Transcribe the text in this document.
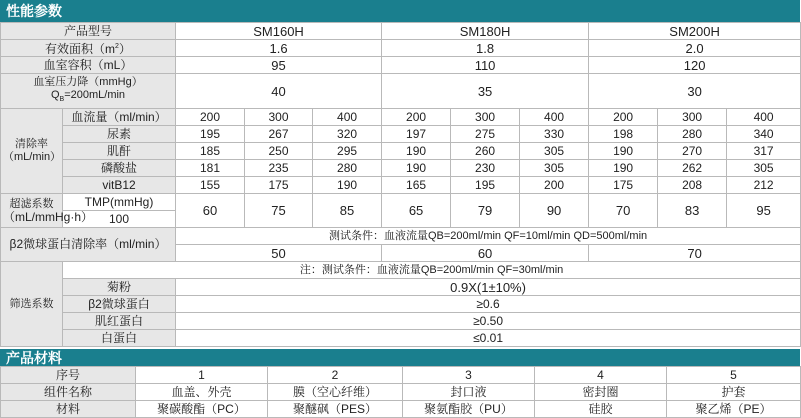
性能参数
产品型号		SM160H			SM180H			SM200H		
有效面积$(m^2)$		1.6			1.8			2.0		
血室容积（mL）		95			110			120		

血室压力降（mmHg）
$Q_B=200mL/\min$		40			35			30		

清除率
（mL/min）	血流量（ml/min）	200	300	400	200	300	400	200	300	400
	尿素	195	267	320	197	275	330	198	280	340
	肌酐	185	250	295	190	260	305	190	270	317
	磷酸盐	181	235	280	190	230	305	190	262	305
	vitB12	155	175	190	165	195	200	175	208	212

超滤系数
（mL/mmHg·h）	TMP(mmHg)	60	75	85	65	79	90	70	83	95
	100									
β2微球蛋白清除率（ml/min）		测试条件：血液流量QB=200ml/min QF=10ml/min QD=500ml/min								
		50			60			70		
筛选系数	注：测试条件：血液流量QB=200ml/min QF=30ml/min									
	菊粉	0.9X(1±10%)								
	β2微球蛋白	≥0.6								
	肌红蛋白	≥0.50								
	白蛋白	≤0.01								
产品材料
序号	1	2	3	4	5
组件名称	血盖、外壳	膜（空心纤维）	封口液	密封圈	护套
材料	聚碳酸酯（PC）	聚醚砜（PES）	聚氨酯胶（PU）	硅胶	聚乙烯（PE）
